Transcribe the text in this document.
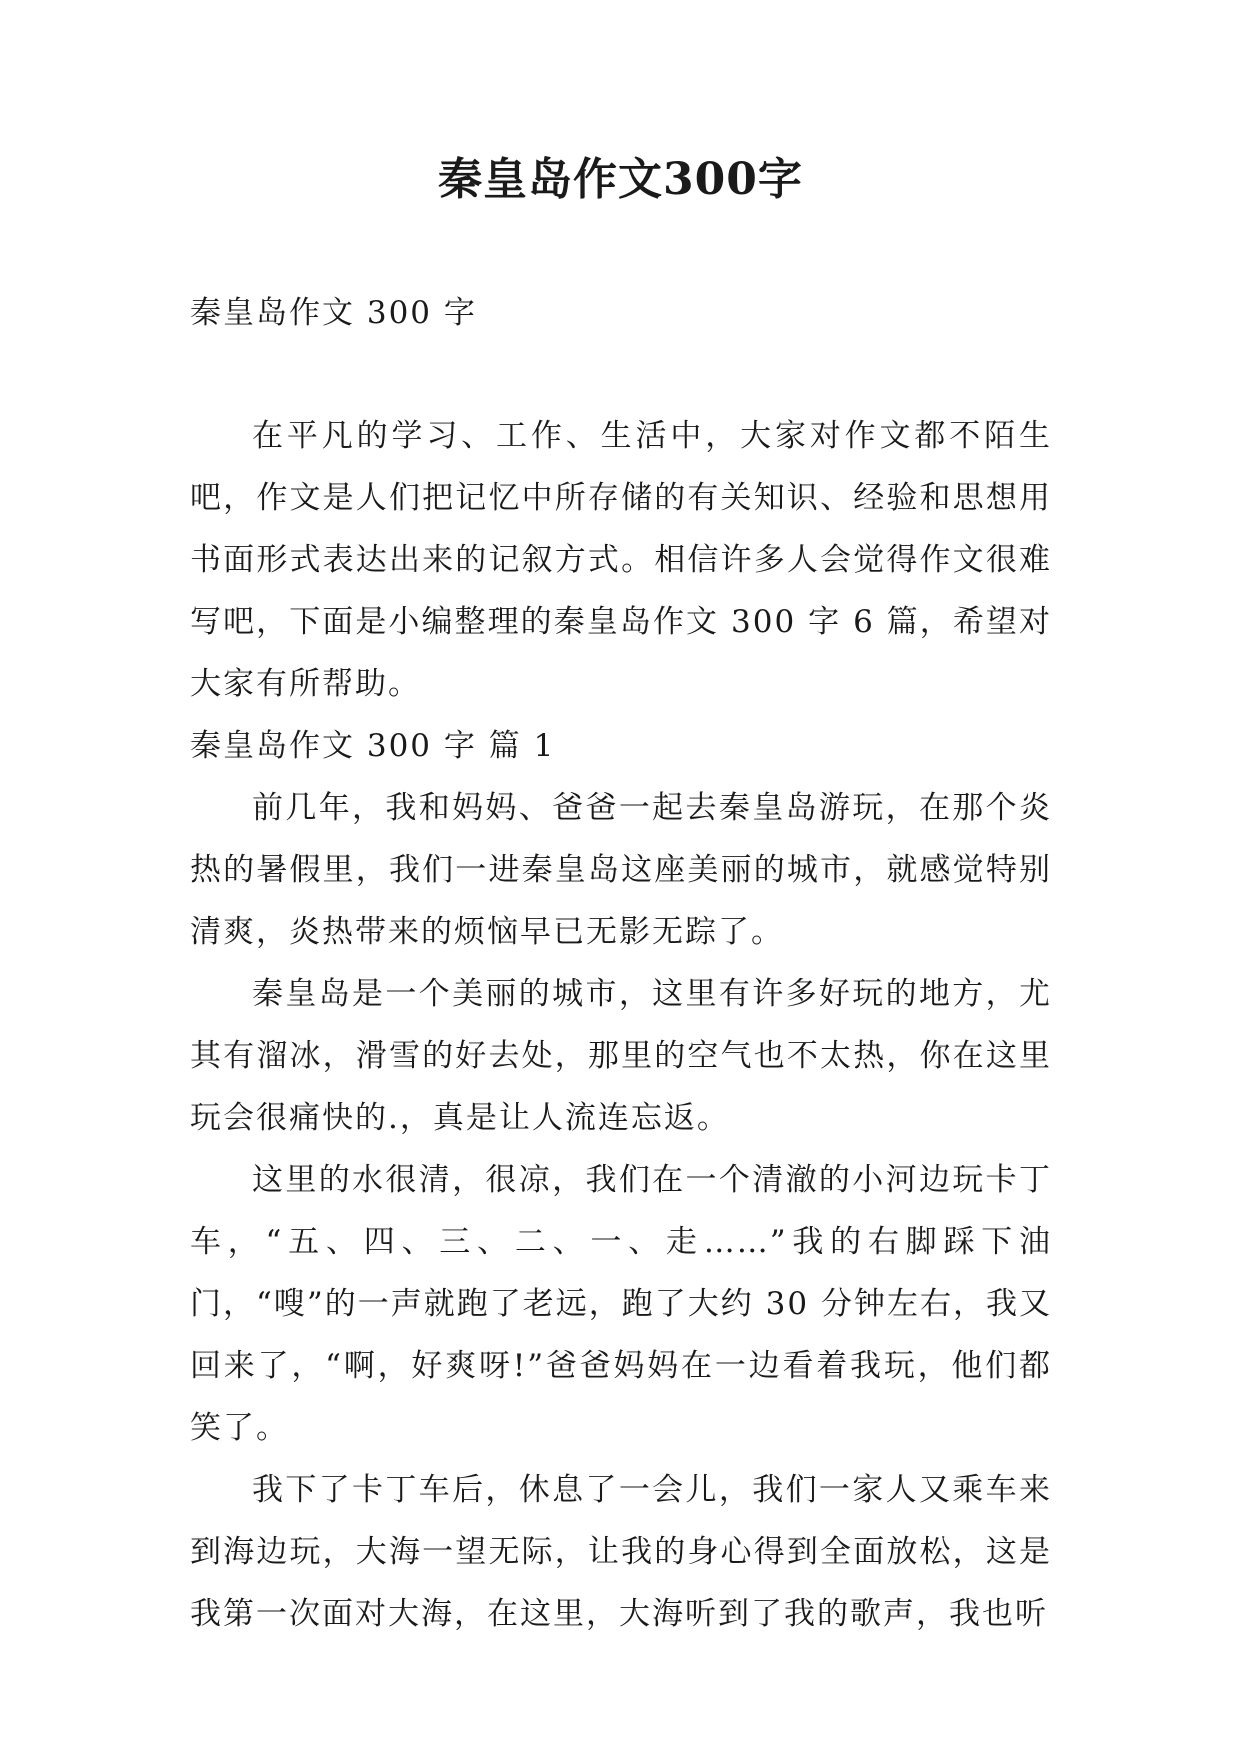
秦皇岛作文300字
秦皇岛作文 300 字

在平凡的学习、工作、生活中，大家对作文都不陌生吧，作文是人们把记忆中所存储的有关知识、经验和思想用书面形式表达出来的记叙方式。相信许多人会觉得作文很难写吧，下面是小编整理的秦皇岛作文 300 字 6 篇，希望对大家有所帮助。

秦皇岛作文 300 字 篇 1

前几年，我和妈妈、爸爸一起去秦皇岛游玩，在那个炎热的暑假里，我们一进秦皇岛这座美丽的城市，就感觉特别清爽，炎热带来的烦恼早已无影无踪了。

秦皇岛是一个美丽的城市，这里有许多好玩的地方，尤其有溜冰，滑雪的好去处，那里的空气也不太热，你在这里玩会很痛快的.，真是让人流连忘返。

这里的水很清，很凉，我们在一个清澈的小河边玩卡丁车，“五、四、三、二、一、走……”我的右脚踩下油门，“嗖”的一声就跑了老远，跑了大约 30 分钟左右，我又回来了，“啊，好爽呀!”爸爸妈妈在一边看着我玩，他们都笑了。

我下了卡丁车后，休息了一会儿，我们一家人又乘车来到海边玩，大海一望无际，让我的身心得到全面放松，这是我第一次面对大海，在这里，大海听到了我的歌声，我也听
